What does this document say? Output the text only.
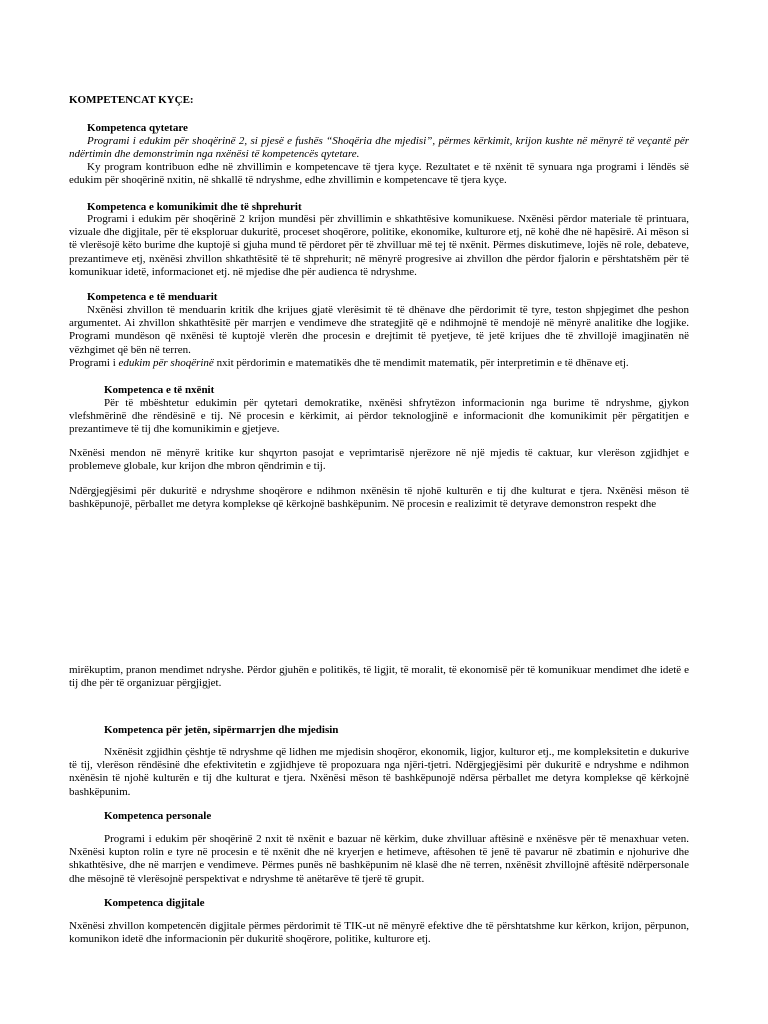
KOMPETENCAT KYÇE:

Kompetenca qytetare

Programi i edukim për shoqërinë 2, si pjesë e fushës “Shoqëria dhe mjedisi”, përmes kërkimit, krijon kushte në mënyrë të veçantë për ndërtimin dhe demonstrimin nga nxënësi të kompetencës qytetare.

Ky program kontribuon edhe në zhvillimin e kompetencave të tjera kyçe. Rezultatet e të nxënit të synuara nga programi i lëndës së edukim për shoqërinë nxitin, në shkallë të ndryshme, edhe zhvillimin e kompetencave të tjera kyçe.

Kompetenca e komunikimit dhe të shprehurit

Programi i edukim për shoqërinë 2 krijon mundësi për zhvillimin e shkathtësive komunikuese. Nxënësi përdor materiale të printuara, vizuale dhe digjitale, për të eksploruar dukuritë, proceset shoqërore, politike, ekonomike, kulturore etj, në kohë dhe në hapësirë. Ai mëson si të vlerësojë këto burime dhe kuptojë si gjuha mund të përdoret për të zhvilluar më tej të nxënit. Përmes diskutimeve, lojës në role, debateve, prezantimeve etj, nxënësi zhvillon shkathtësitë të të shprehurit; në mënyrë progresive ai zhvillon dhe përdor fjalorin e përshtatshëm për të komunikuar idetë, informacionet etj. në mjedise dhe për audienca të ndryshme.

Kompetenca e të menduarit

Nxënësi zhvillon të menduarin kritik dhe krijues gjatë vlerësimit të të dhënave dhe përdorimit të tyre, teston shpjegimet dhe peshon argumentet. Ai zhvillon shkathtësitë për marrjen e vendimeve dhe strategjitë që e ndihmojnë të mendojë në mënyrë analitike dhe logjike. Programi mundëson që nxënësi të kuptojë vlerën dhe procesin e drejtimit të pyetjeve, të jetë krijues dhe të zhvillojë imagjinatën në vëzhgimet që bën në terren.

Programi i edukim për shoqërinë nxit përdorimin e matematikës dhe të mendimit matematik, për interpretimin e të dhënave etj.

Kompetenca e të nxënit

Për të mbështetur edukimin për qytetari demokratike, nxënësi shfrytëzon informacionin nga burime të ndryshme, gjykon vlefshmërinë dhe rëndësinë e tij. Në procesin e kërkimit, ai përdor teknologjinë e informacionit dhe komunikimit për përgatitjen e prezantimeve të tij dhe komunikimin e gjetjeve.

Nxënësi mendon në mënyrë kritike kur shqyrton pasojat e veprimtarisë njerëzore në një mjedis të caktuar, kur vlerëson zgjidhjet e problemeve globale, kur krijon dhe mbron qëndrimin e tij.

Ndërgjegjësimi për dukuritë e ndryshme shoqërore e ndihmon nxënësin të njohë kulturën e tij dhe kulturat e tjera. Nxënësi mëson të bashkëpunojë, përballet me detyra komplekse që kërkojnë bashkëpunim. Në procesin e realizimit të detyrave demonstron respekt dhe

mirëkuptim, pranon mendimet ndryshe. Përdor gjuhën e politikës, të ligjit, të moralit, të ekonomisë për të komunikuar mendimet dhe idetë e tij dhe për të organizuar përgjigjet.

Kompetenca për jetën, sipërmarrjen dhe mjedisin

Nxënësit zgjidhin çështje të ndryshme që lidhen me mjedisin shoqëror, ekonomik, ligjor, kulturor etj., me kompleksitetin e dukurive të tij, vlerëson rëndësinë dhe efektivitetin e zgjidhjeve të propozuara nga njëri-tjetri. Ndërgjegjësimi për dukuritë e ndryshme e ndihmon nxënësin të njohë kulturën e tij dhe kulturat e tjera. Nxënësi mëson të bashkëpunojë ndërsa përballet me detyra komplekse që kërkojnë bashkëpunim.

Kompetenca personale

Programi i edukim për shoqërinë 2 nxit të nxënit e bazuar në kërkim, duke zhvilluar aftësinë e nxënësve për të menaxhuar veten. Nxënësi kupton rolin e tyre në procesin e të nxënit dhe në kryerjen e hetimeve, aftësohen të jenë të pavarur në zbatimin e njohurive dhe shkathtësive, dhe në marrjen e vendimeve. Përmes punës në bashkëpunim në klasë dhe në terren, nxënësit zhvillojnë aftësitë ndërpersonale dhe mësojnë të vlerësojnë perspektivat e ndryshme të anëtarëve të tjerë të grupit.

Kompetenca digjitale

Nxënësi zhvillon kompetencën digjitale përmes përdorimit të TIK-ut në mënyrë efektive dhe të përshtatshme kur kërkon, krijon, përpunon, komunikon idetë dhe informacionin për dukuritë shoqërore, politike, kulturore etj.
